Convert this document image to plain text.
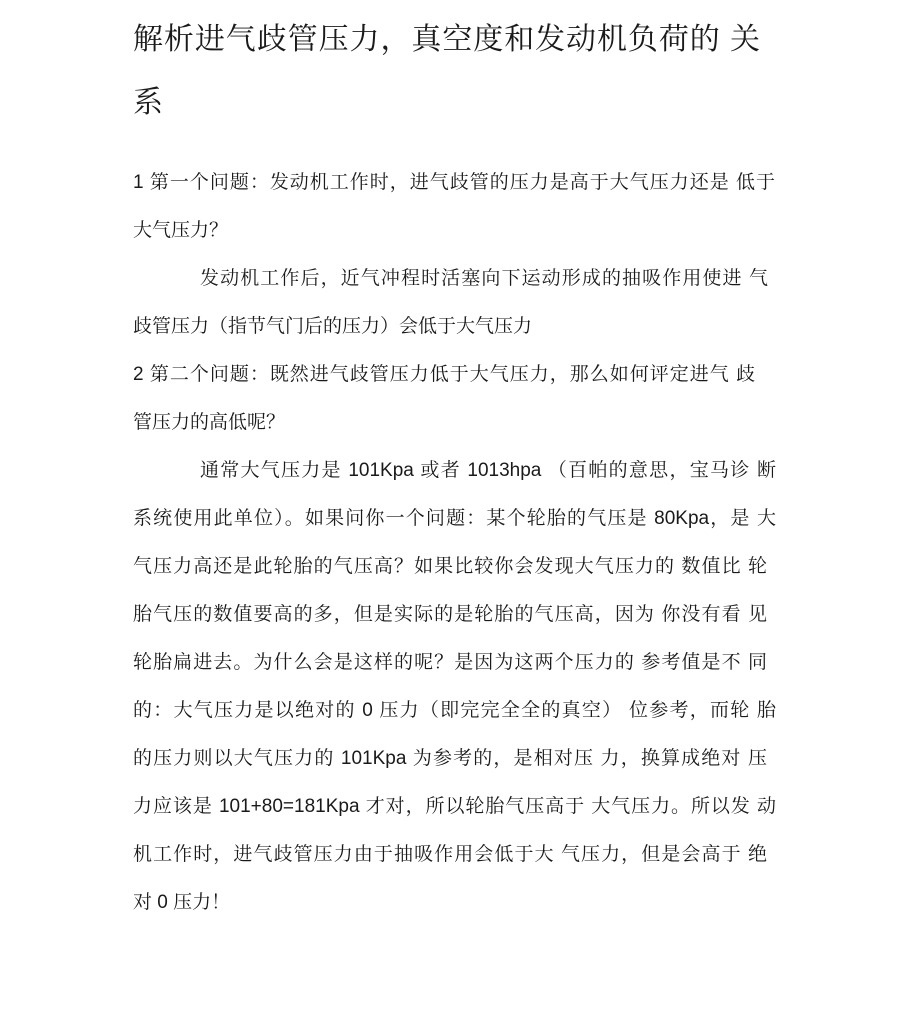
解析进气歧管压力，真空度和发动机负荷的 关
系
1 第一个问题：发动机工作时，进气歧管的压力是高于大气压力还是 低于
大气压力？
发动机工作后，近气冲程时活塞向下运动形成的抽吸作用使进 气
歧管压力（指节气门后的压力）会低于大气压力
2 第二个问题：既然进气歧管压力低于大气压力，那么如何评定进气 歧
管压力的高低呢？
通常大气压力是 101Kpa 或者 1013hpa （百帕的意思，宝马诊 断
系统使用此单位）。如果问你一个问题：某个轮胎的气压是 80Kpa，是 大
气压力高还是此轮胎的气压高？如果比较你会发现大气压力的 数值比 轮
胎气压的数值要高的多，但是实际的是轮胎的气压高，因为 你没有看 见
轮胎扁进去。为什么会是这样的呢？是因为这两个压力的 参考值是不 同
的：大气压力是以绝对的 0 压力（即完完全全的真空） 位参考，而轮 胎
的压力则以大气压力的 101Kpa 为参考的，是相对压 力，换算成绝对 压
力应该是 101+80=181Kpa 才对，所以轮胎气压高于 大气压力。所以发 动
机工作时，进气歧管压力由于抽吸作用会低于大 气压力，但是会高于 绝
对 0 压力！
